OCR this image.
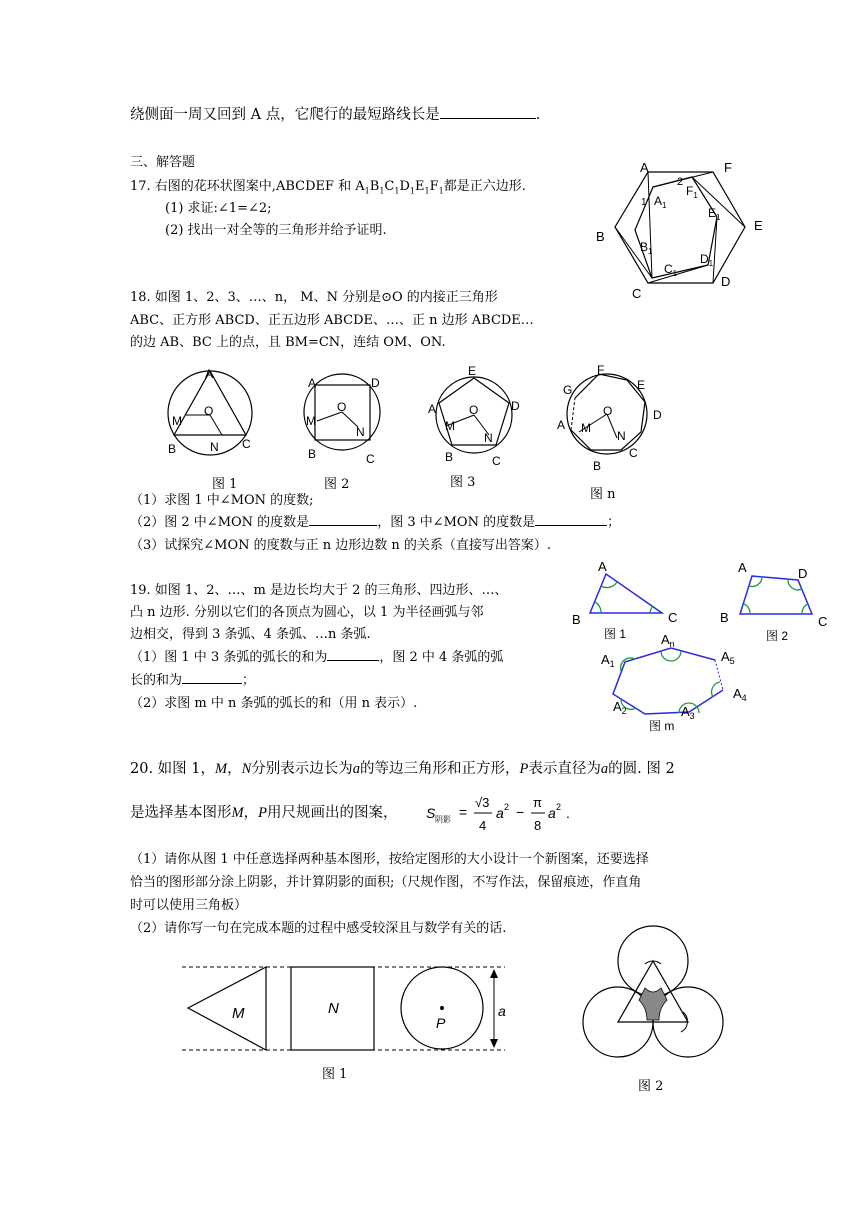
绕侧面一周又回到 A 点，它爬行的最短路线长是	.
三、解答题
17. 右图的花环状图案中,ABCDEF 和 $A_1B_1C_1D_1E_1F_1$都是正六边形.
(1) 求证:∠1=∠2;
(2) 找出一对全等的三角形并给予证明.
A	F
E
D
C
B
$A_1$
$F_1$
$E_1$
$D_1$
$C_1$
$B_1$
2
1
18. 如图 1、2、3、…、n， M、N 分别是⊙O 的内接正三角形
ABC、正方形 ABCD、正五边形 ABCDE、…、正 n 边形 ABCDE…
的边 AB、BC 上的点，且 BM=CN，连结 OM、ON.
A
O
M
N
B	C
A	D
O
M
N
B	C
E
A	D
O
M
N
B	C
G
F
E
D
A
O
M
N
C
B
图 1	图 2	图 3
图 n
（1）求图 1 中∠MON 的度数;
（2）图 2 中∠MON 的度数是	，图 3 中∠MON 的度数是	；
（3）试探究∠MON 的度数与正 n 边形边数 n 的关系（直接写出答案）.
19. 如图 1、2、…、m 是边长均大于 2 的三角形、四边形、…、
凸 n 边形. 分别以它们的各顶点为圆心，以 1 为半径画弧与邻
边相交，得到 3 条弧、4 条弧、…n 条弧.
（1）图 1 中 3 条弧的弧长的和为	，图 2 中 4 条弧的弧
长的和为	；
（2）求图 m 中 n 条弧的弧长的和（用 n 表示）.
A
B	C
图 1
A	D
B	C
图 2
$A_n$
$A_1$	$A_5$
$A_4$
$A_2$	$A_3$
图 m
20. 如图 1，M，N分别表示边长为a的等边三角形和正方形，P表示直径为a的圆. 图 2
是选择基本图形M，P用尺规画出的图案， S 阴影 =
√3
4
a 2 −
π
8
a 2 .
（1）请你从图 1 中任意选择两种基本图形，按给定图形的大小设计一个新图案，还要选择
恰当的图形部分涂上阴影，并计算阴影的面积;（尺规作图，不写作法，保留痕迹，作直角
时可以使用三角板）
（2）请你写一句在完成本题的过程中感受较深且与数学有关的话.
M	N
P
a
图 1
图 2
